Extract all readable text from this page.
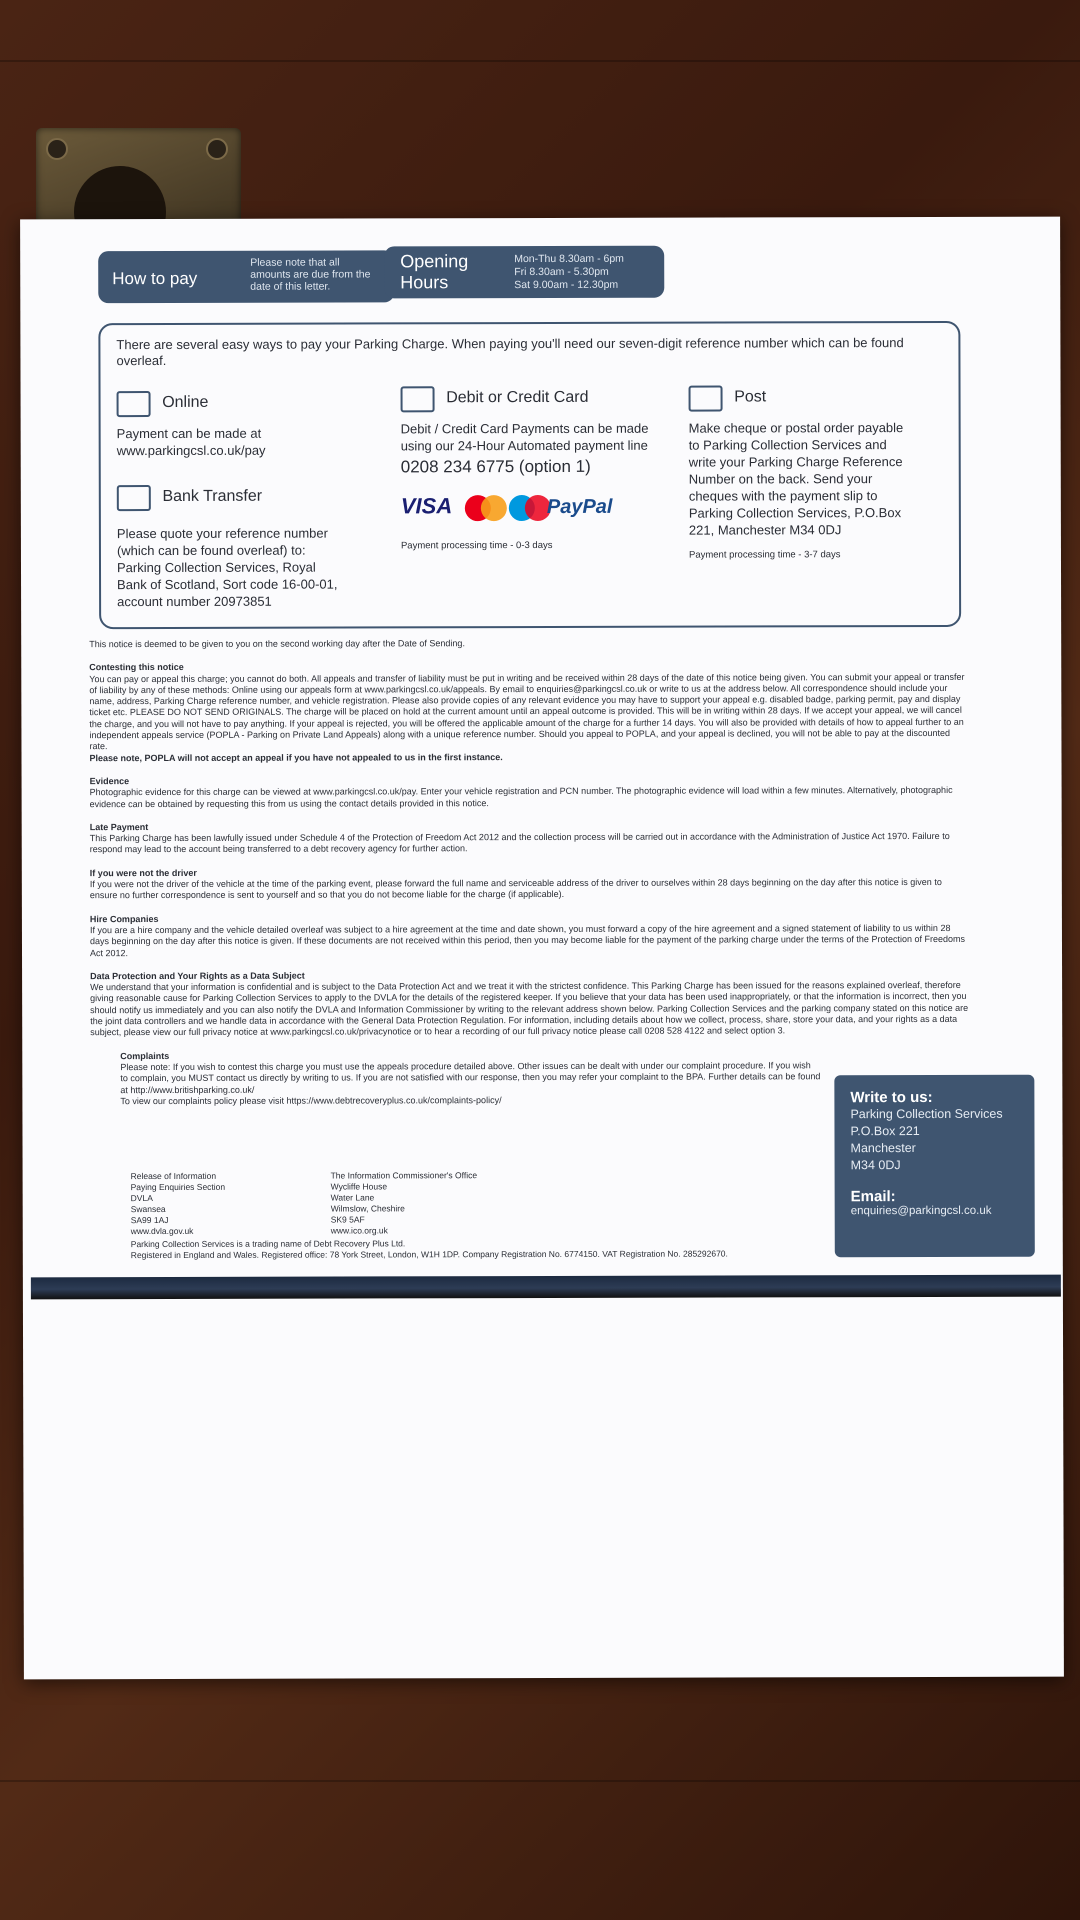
How to pay
Please note that all amounts are due from the date of this letter.
Opening Hours
Mon-Thu 8.30am - 6pm
Fri 8.30am - 5.30pm
Sat 9.00am - 12.30pm
There are several easy ways to pay your Parking Charge. When paying you'll need our seven-digit reference number which can be found overleaf.
Online
Payment can be made at www.parkingcsl.co.uk/pay
Bank Transfer
Please quote your reference number (which can be found overleaf) to: Parking Collection Services, Royal Bank of Scotland, Sort code 16-00-01, account number 20973851
Debit or Credit Card
Debit / Credit Card Payments can be made using our 24-Hour Automated payment line
0208 234 6775 (option 1)
VISA	PayPal
Payment processing time - 0-3 days
Post
Make cheque or postal order payable to Parking Collection Services and write your Parking Charge Reference Number on the back. Send your cheques with the payment slip to Parking Collection Services, P.O.Box 221, Manchester M34 0DJ
Payment processing time - 3-7 days

This notice is deemed to be given to you on the second working day after the Date of Sending.

Contesting this notice
You can pay or appeal this charge; you cannot do both. All appeals and transfer of liability must be put in writing and be received within 28 days of the date of this notice being given. You can submit your appeal or transfer of liability by any of these methods: Online using our appeals form at www.parkingcsl.co.uk/appeals. By email to enquiries@parkingcsl.co.uk or write to us at the address below. All correspondence should include your name, address, Parking Charge reference number, and vehicle registration. Please also provide copies of any relevant evidence you may have to support your appeal e.g. disabled badge, parking permit, pay and display ticket etc. PLEASE DO NOT SEND ORIGINALS. The charge will be placed on hold at the current amount until an appeal outcome is provided. This will be in writing within 28 days. If we accept your appeal, we will cancel the charge, and you will not have to pay anything. If your appeal is rejected, you will be offered the applicable amount of the charge for a further 14 days. You will also be provided with details of how to appeal further to an independent appeals service (POPLA - Parking on Private Land Appeals) along with a unique reference number. Should you appeal to POPLA, and your appeal is declined, you will not be able to pay at the discounted rate.
Please note, POPLA will not accept an appeal if you have not appealed to us in the first instance.
Evidence
Photographic evidence for this charge can be viewed at www.parkingcsl.co.uk/pay. Enter your vehicle registration and PCN number. The photographic evidence will load within a few minutes. Alternatively, photographic evidence can be obtained by requesting this from us using the contact details provided in this notice.
Late Payment
This Parking Charge has been lawfully issued under Schedule 4 of the Protection of Freedom Act 2012 and the collection process will be carried out in accordance with the Administration of Justice Act 1970. Failure to respond may lead to the account being transferred to a debt recovery agency for further action.
If you were not the driver
If you were not the driver of the vehicle at the time of the parking event, please forward the full name and serviceable address of the driver to ourselves within 28 days beginning on the day after this notice is given to ensure no further correspondence is sent to yourself and so that you do not become liable for the charge (if applicable).
Hire Companies
If you are a hire company and the vehicle detailed overleaf was subject to a hire agreement at the time and date shown, you must forward a copy of the hire agreement and a signed statement of liability to us within 28 days beginning on the day after this notice is given. If these documents are not received within this period, then you may become liable for the payment of the parking charge under the terms of the Protection of Freedoms Act 2012.
Data Protection and Your Rights as a Data Subject
We understand that your information is confidential and is subject to the Data Protection Act and we treat it with the strictest confidence. This Parking Charge has been issued for the reasons explained overleaf, therefore giving reasonable cause for Parking Collection Services to apply to the DVLA for the details of the registered keeper. If you believe that your data has been used inappropriately, or that the information is incorrect, then you should notify us immediately and you can also notify the DVLA and Information Commissioner by writing to the relevant address shown below. Parking Collection Services and the parking company stated on this notice are the joint data controllers and we handle data in accordance with the General Data Protection Regulation. For information, including details about how we collect, process, share, store your data, and your rights as a data subject, please view our full privacy notice at www.parkingcsl.co.uk/privacynotice or to hear a recording of our full privacy notice please call 0208 528 4122 and select option 3.
Complaints
Please note: If you wish to contest this charge you must use the appeals procedure detailed above. Other issues can be dealt with under our complaint procedure. If you wish to complain, you MUST contact us directly by writing to us. If you are not satisfied with our response, then you may refer your complaint to the BPA. Further details can be found at http://www.britishparking.co.uk/
To view our complaints policy please visit https://www.debtrecoveryplus.co.uk/complaints-policy/
Release of Information
Paying Enquiries Section
DVLA
Swansea
SA99 1AJ
www.dvla.gov.uk
The Information Commissioner's Office
Wycliffe House
Water Lane
Wilmslow, Cheshire
SK9 5AF
www.ico.org.uk
Parking Collection Services is a trading name of Debt Recovery Plus Ltd.
Registered in England and Wales. Registered office: 78 York Street, London, W1H 1DP. Company Registration No. 6774150. VAT Registration No. 285292670.
Write to us:
Parking Collection Services
P.O.Box 221
Manchester
M34 0DJ
Email:
enquiries@parkingcsl.co.uk
